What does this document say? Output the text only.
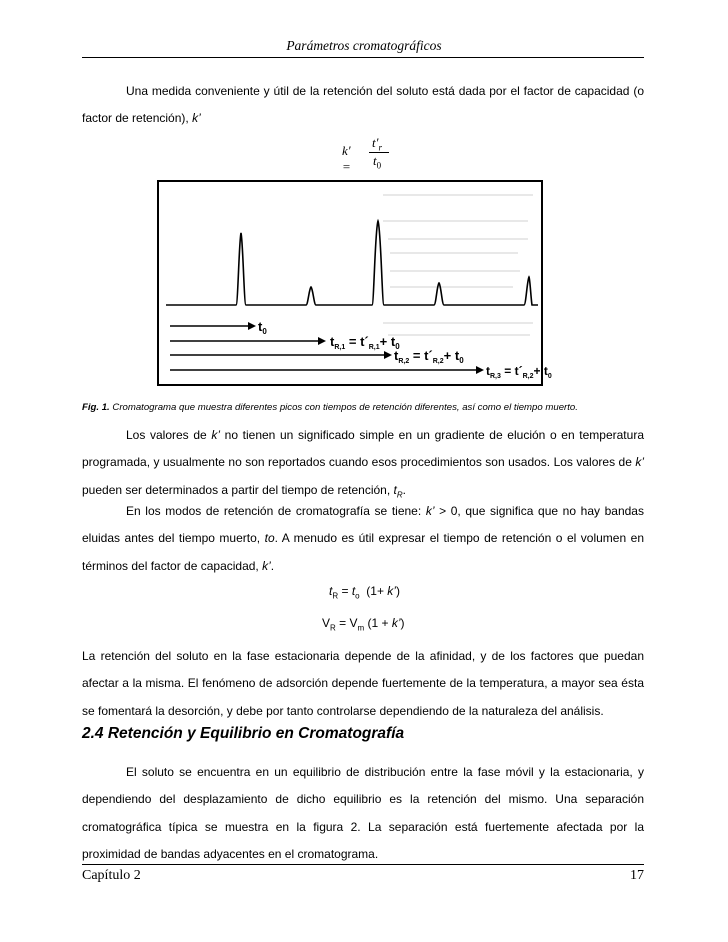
Parámetros cromatográficos

Una medida conveniente y útil de la retención del soluto está dada por el factor de capacidad (o factor de retención), k’

k′ =
$t'_r$
$t_0$
$t_0$
$t_{R,1}$ = $t´_{R,1}+ t_0$
$t_{R,2}$ = $t´_{R,2}+ t_0$
$t_{R,3}$ = $t´_{R,2}+ t_0$
Fig. 1. Cromatograma que muestra diferentes picos con tiempos de retención diferentes, así como el tiempo muerto.

Los valores de k’ no tienen un significado simple en un gradiente de elución o en temperatura programada, y usualmente no son reportados cuando esos procedimientos son usados. Los valores de k’ pueden ser determinados a partir del tiempo de retención, $t_R$.

En los modos de retención de cromatografía se tiene: k’ > 0, que significa que no hay bandas eluidas antes del tiempo muerto, to. A menudo es útil expresar el tiempo de retención o el volumen en términos del factor de capacidad, k’.

$t_R = t_o$  (1+ k’)
$V_R = V_m$ (1 + k’)

La retención del soluto en la fase estacionaria depende de la afinidad, y de los factores que puedan afectar a la misma. El fenómeno de adsorción depende fuertemente de la temperatura, a mayor sea ésta se fomentará la desorción, y debe por tanto controlarse dependiendo de la naturaleza del análisis.

2.4 Retención y Equilibrio en Cromatografía

El soluto se encuentra en un equilibrio de distribución entre la fase móvil y la estacionaria, y dependiendo del desplazamiento de dicho equilibrio es la retención del mismo. Una separación cromatográfica típica se muestra en la figura 2. La separación está fuertemente afectada por la proximidad de bandas adyacentes en el cromatograma.

Capítulo 2	17
